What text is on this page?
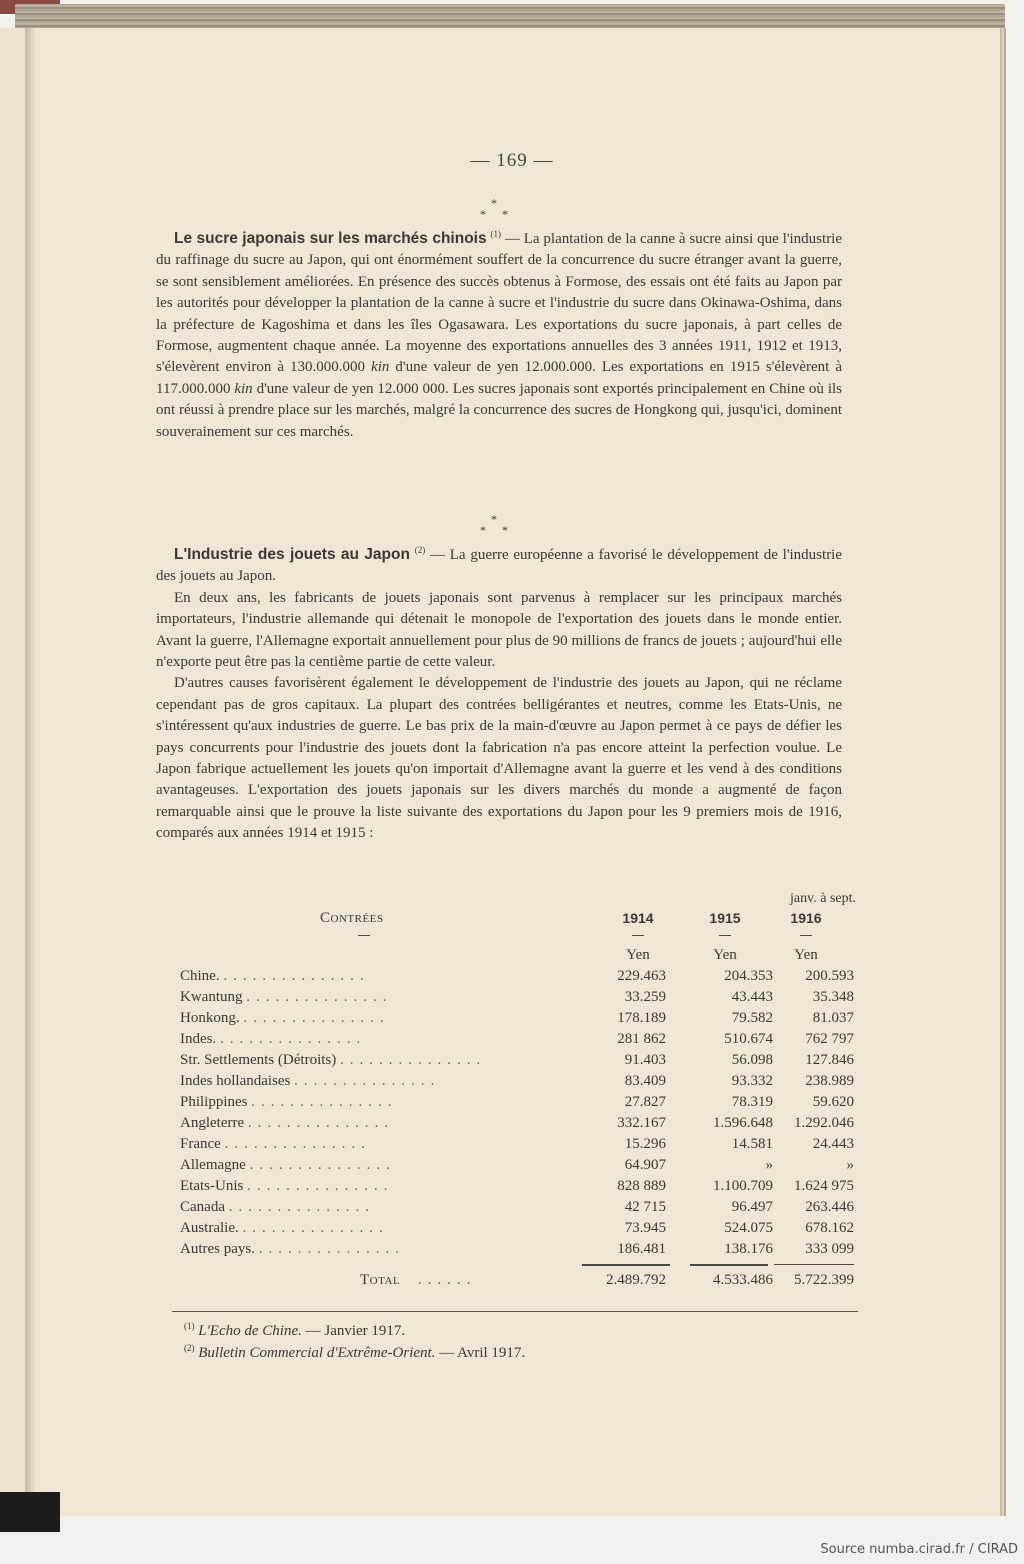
— 169 —
*
* *
Le sucre japonais sur les marchés chinois $^{(1)}$ — La plantation de la canne à sucre ainsi que l'industrie du raffinage du sucre au Japon, qui ont énormément souffert de la concurrence du sucre étranger avant la guerre, se sont sensiblement améliorées. En présence des succès obtenus à Formose, des essais ont été faits au Japon par les autorités pour développer la plantation de la canne à sucre et l'industrie du sucre dans Okinawa-Oshima, dans la préfecture de Kagoshima et dans les îles Ogasawara. Les exportations du sucre japonais, à part celles de Formose, augmentent chaque année. La moyenne des exportations annuelles des 3 années 1911, 1912 et 1913, s'élevèrent environ à 130.000.000 kin d'une valeur de yen 12.000.000. Les exportations en 1915 s'élevèrent à 117.000.000 kin d'une valeur de yen 12.000 000. Les sucres japonais sont exportés principalement en Chine où ils ont réussi à prendre place sur les marchés, malgré la concurrence des sucres de Hongkong qui, jusqu'ici, dominent souverainement sur ces marchés.
*
* *
L'Industrie des jouets au Japon $^{(2)}$ — La guerre européenne a favorisé le développement de l'industrie des jouets au Japon.
En deux ans, les fabricants de jouets japonais sont parvenus à remplacer sur les principaux marchés importateurs, l'industrie allemande qui détenait le monopole de l'exportation des jouets dans le monde entier. Avant la guerre, l'Allemagne exportait annuellement pour plus de 90 millions de francs de jouets ; aujourd'hui elle n'exporte peut être pas la centième partie de cette valeur.
D'autres causes favorisèrent également le développement de l'industrie des jouets au Japon, qui ne réclame cependant pas de gros capitaux. La plupart des contrées belligérantes et neutres, comme les Etats-Unis, ne s'intéressent qu'aux industries de guerre. Le bas prix de la main-d'œuvre au Japon permet à ce pays de défier les pays concurrents pour l'industrie des jouets dont la fabrication n'a pas encore atteint la perfection voulue. Le Japon fabrique actuellement les jouets qu'on importait d'Allemagne avant la guerre et les vend à des conditions avantageuses. L'exportation des jouets japonais sur les divers marchés du monde a augmenté de façon remarquable ainsi que le prouve la liste suivante des exportations du Japon pour les 9 premiers mois de 1916, comparés aux années 1914 et 1915 :
janv. à sept.
Contrées	1914	1915	1916
Yen	Yen	Yen
Chine. ...............	229.463	204.353	200.593
Kwantung ...............	33.259	43.443	35.348
Honkong. ...............	178.189	79.582	81.037
Indes. ...............	281 862	510.674	762 797
Str. Settlements (Détroits) ...............	91.403	56.098	127.846
Indes hollandaises ...............	83.409	93.332	238.989
Philippines ...............	27.827	78.319	59.620
Angleterre ...............	332.167	1.596.648	1.292.046
France ...............	15.296	14.581	24.443
Allemagne ...............	64.907	»	»
Etats-Unis ...............	828 889	1.100.709	1.624 975
Canada ...............	42 715	96.497	263.446
Australie. ...............	73.945	524.075	678.162
Autres pays. ...............	186.481	138.176	333 099
Total ......	2.489.792	4.533.486	5.722.399
$^{(1)}$ L'Echo de Chine. — Janvier 1917.
$^{(2)}$ Bulletin Commercial d'Extrême-Orient. — Avril 1917.
Source numba.cirad.fr / CIRAD
